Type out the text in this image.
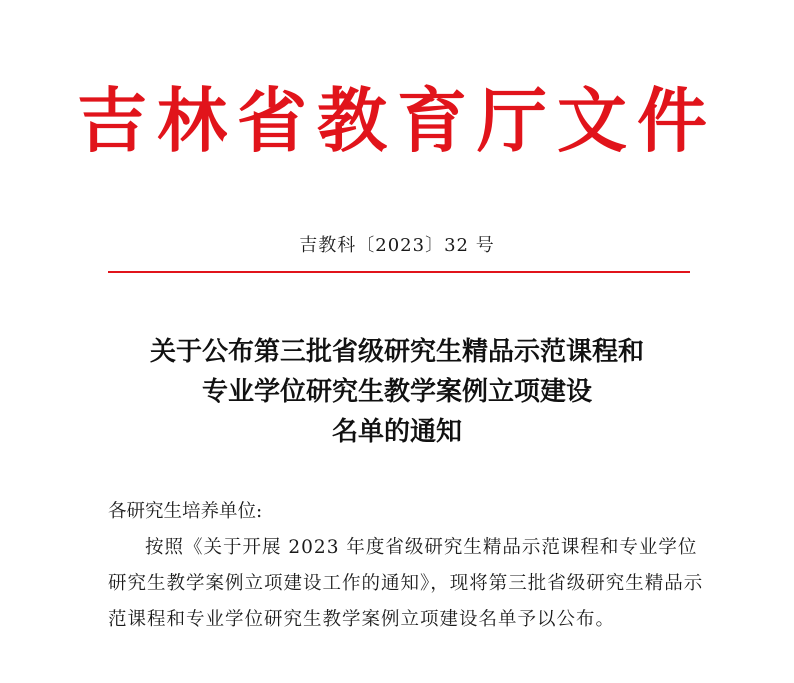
吉林省教育厅文件
吉教科〔2023〕32 号
关于公布第三批省级研究生精品示范课程和
专业学位研究生教学案例立项建设
名单的通知
各研究生培养单位:
按照《关于开展 2023 年度省级研究生精品示范课程和专业学位研究生教学案例立项建设工作的通知》，现将第三批省级研究生精品示范课程和专业学位研究生教学案例立项建设名单予以公布。
